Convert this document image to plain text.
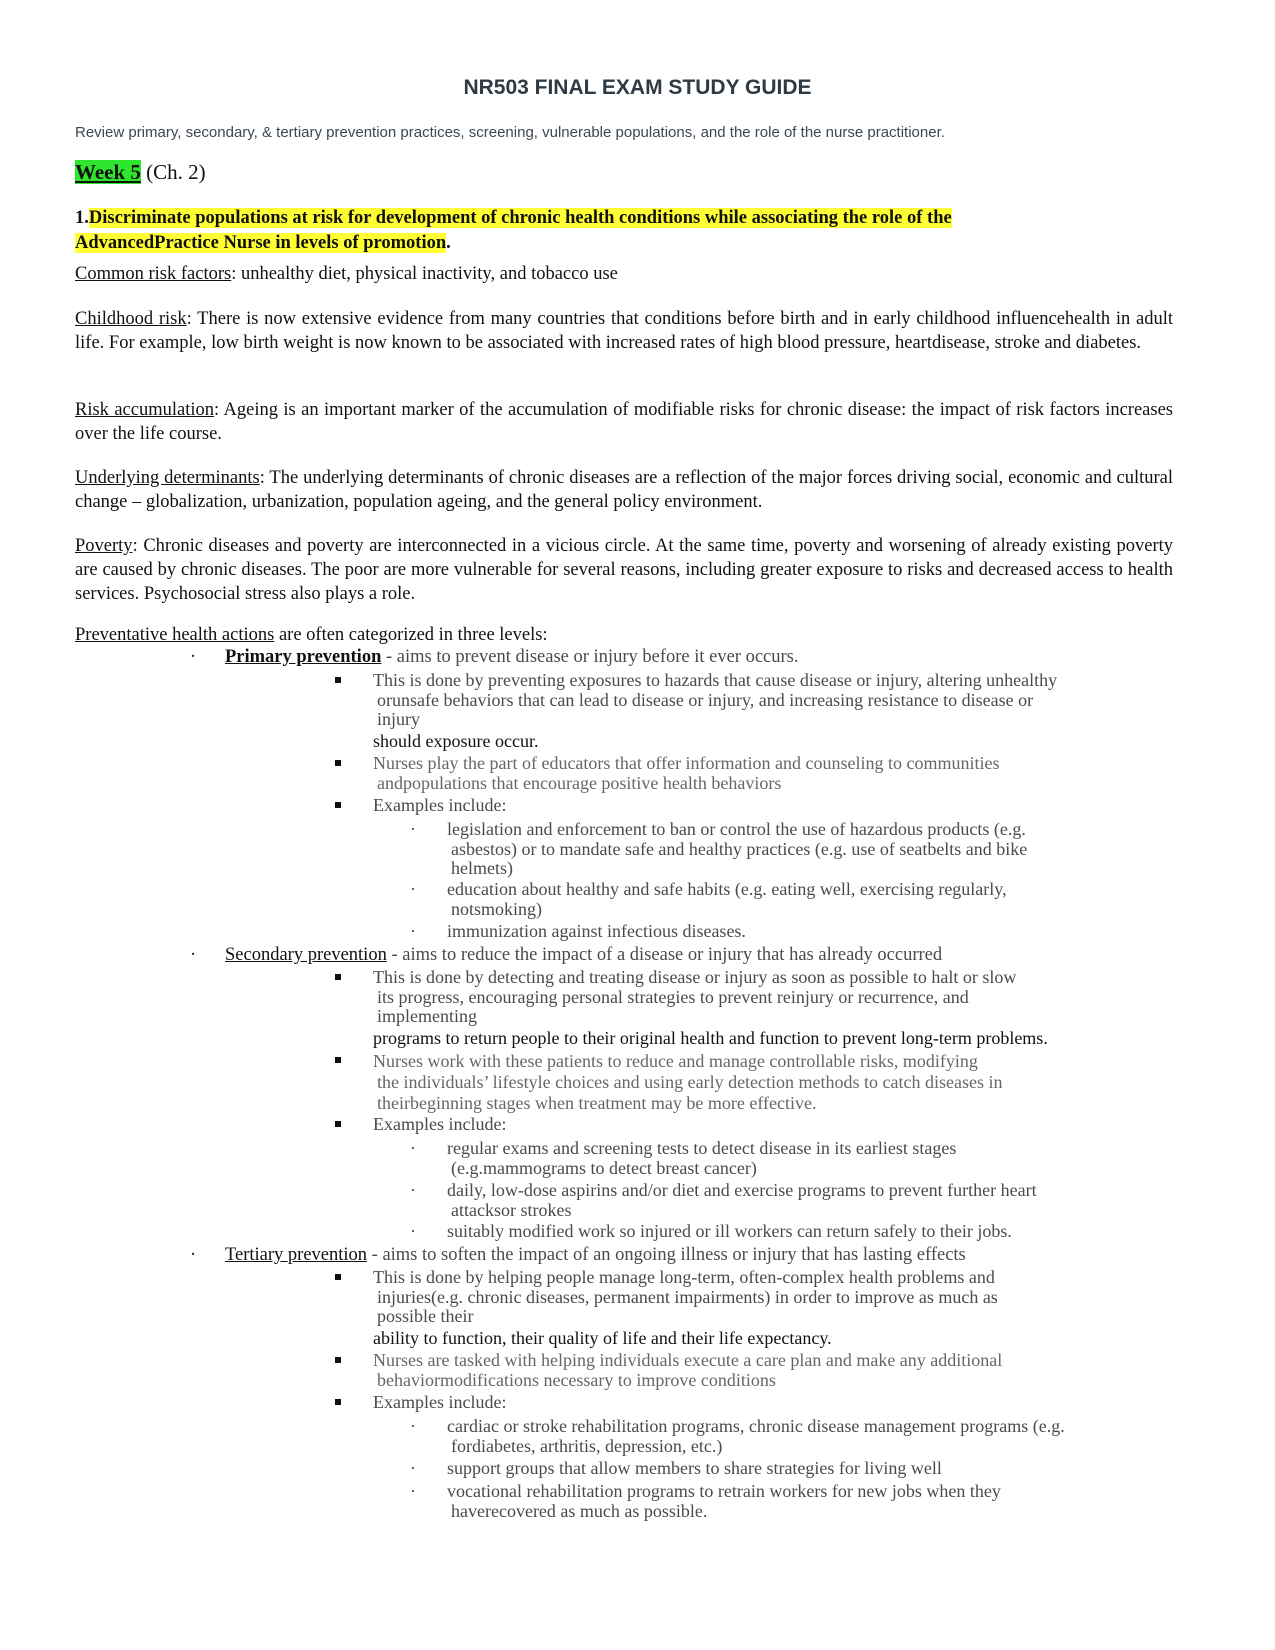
NR503 FINAL EXAM STUDY GUIDE
Review primary, secondary, & tertiary prevention practices, screening, vulnerable populations, and the role of the nurse practitioner.
Week 5 (Ch. 2)
1.Discriminate populations at risk for development of chronic health conditions while associating the role of the
AdvancedPractice Nurse in levels of promotion.
Common risk factors: unhealthy diet, physical inactivity, and tobacco use
Childhood risk: There is now extensive evidence from many countries that conditions before birth and in early childhood influencehealth in adult life. For example, low birth weight is now known to be associated with increased rates of high blood pressure, heartdisease, stroke and diabetes.
Risk accumulation: Ageing is an important marker of the accumulation of modifiable risks for chronic disease: the impact of risk factors increases over the life course.
Underlying determinants: The underlying determinants of chronic diseases are a reflection of the major forces driving social, economic and cultural change – globalization, urbanization, population ageing, and the general policy environment.
Poverty: Chronic diseases and poverty are interconnected in a vicious circle. At the same time, poverty and worsening of already existing poverty are caused by chronic diseases. The poor are more vulnerable for several reasons, including greater exposure to risks and decreased access to health services. Psychosocial stress also plays a role.
Preventative health actions are often categorized in three levels:
· Primary prevention - aims to prevent disease or injury before it ever occurs.
This is done by preventing exposures to hazards that cause disease or injury, altering unhealthy
orunsafe behaviors that can lead to disease or injury, and increasing resistance to disease or
injury
should exposure occur.
Nurses play the part of educators that offer information and counseling to communities
andpopulations that encourage positive health behaviors
Examples include:
· legislation and enforcement to ban or control the use of hazardous products (e.g.
asbestos) or to mandate safe and healthy practices (e.g. use of seatbelts and bike
helmets)
· education about healthy and safe habits (e.g. eating well, exercising regularly,
notsmoking)
· immunization against infectious diseases.
· Secondary prevention - aims to reduce the impact of a disease or injury that has already occurred
This is done by detecting and treating disease or injury as soon as possible to halt or slow
its progress, encouraging personal strategies to prevent reinjury or recurrence, and
implementing
programs to return people to their original health and function to prevent long-term problems.
Nurses work with these patients to reduce and manage controllable risks, modifying
the individuals’ lifestyle choices and using early detection methods to catch diseases in
theirbeginning stages when treatment may be more effective.
Examples include:
· regular exams and screening tests to detect disease in its earliest stages
(e.g.mammograms to detect breast cancer)
· daily, low-dose aspirins and/or diet and exercise programs to prevent further heart
attacksor strokes
· suitably modified work so injured or ill workers can return safely to their jobs.
· Tertiary prevention - aims to soften the impact of an ongoing illness or injury that has lasting effects
This is done by helping people manage long-term, often-complex health problems and
injuries(e.g. chronic diseases, permanent impairments) in order to improve as much as
possible their
ability to function, their quality of life and their life expectancy.
Nurses are tasked with helping individuals execute a care plan and make any additional
behaviormodifications necessary to improve conditions
Examples include:
· cardiac or stroke rehabilitation programs, chronic disease management programs (e.g.
fordiabetes, arthritis, depression, etc.)
· support groups that allow members to share strategies for living well
· vocational rehabilitation programs to retrain workers for new jobs when they
haverecovered as much as possible.
